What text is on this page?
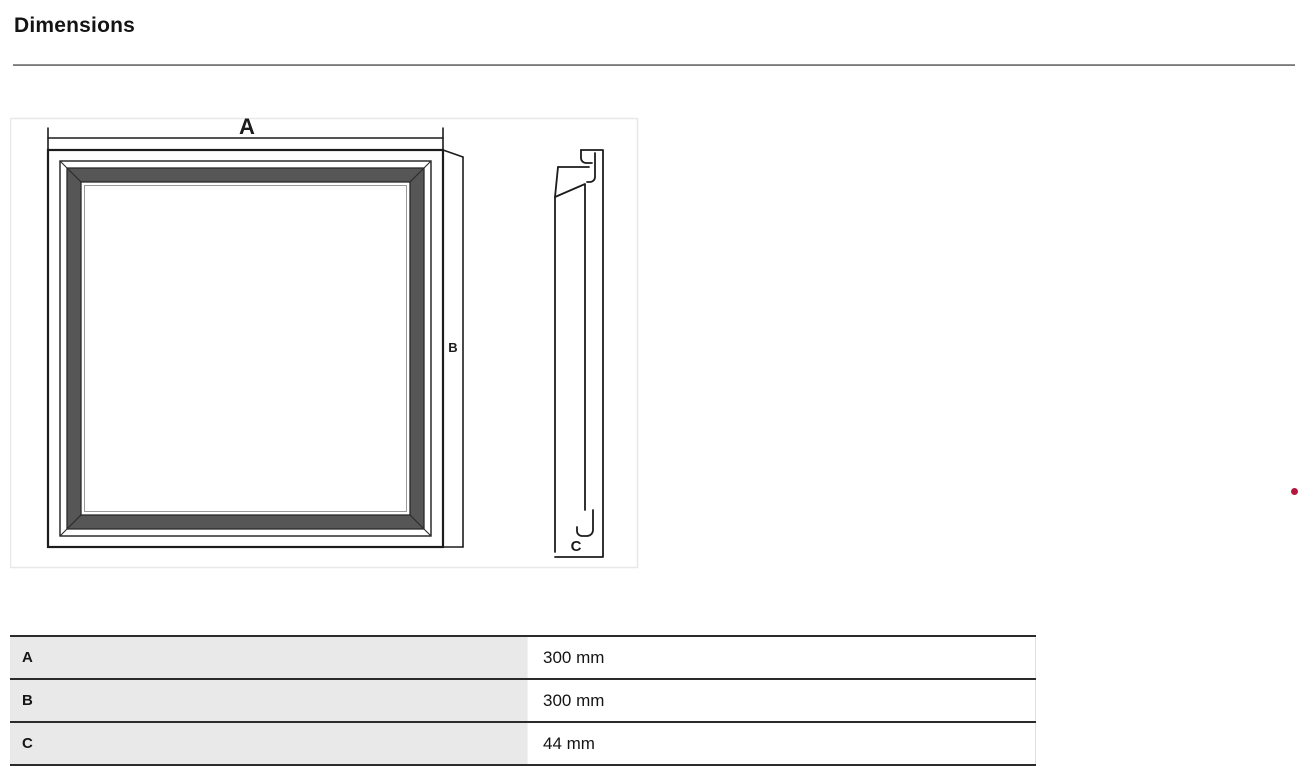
Dimensions
A
B
C
A	300 mm
B	300 mm
C	44 mm
